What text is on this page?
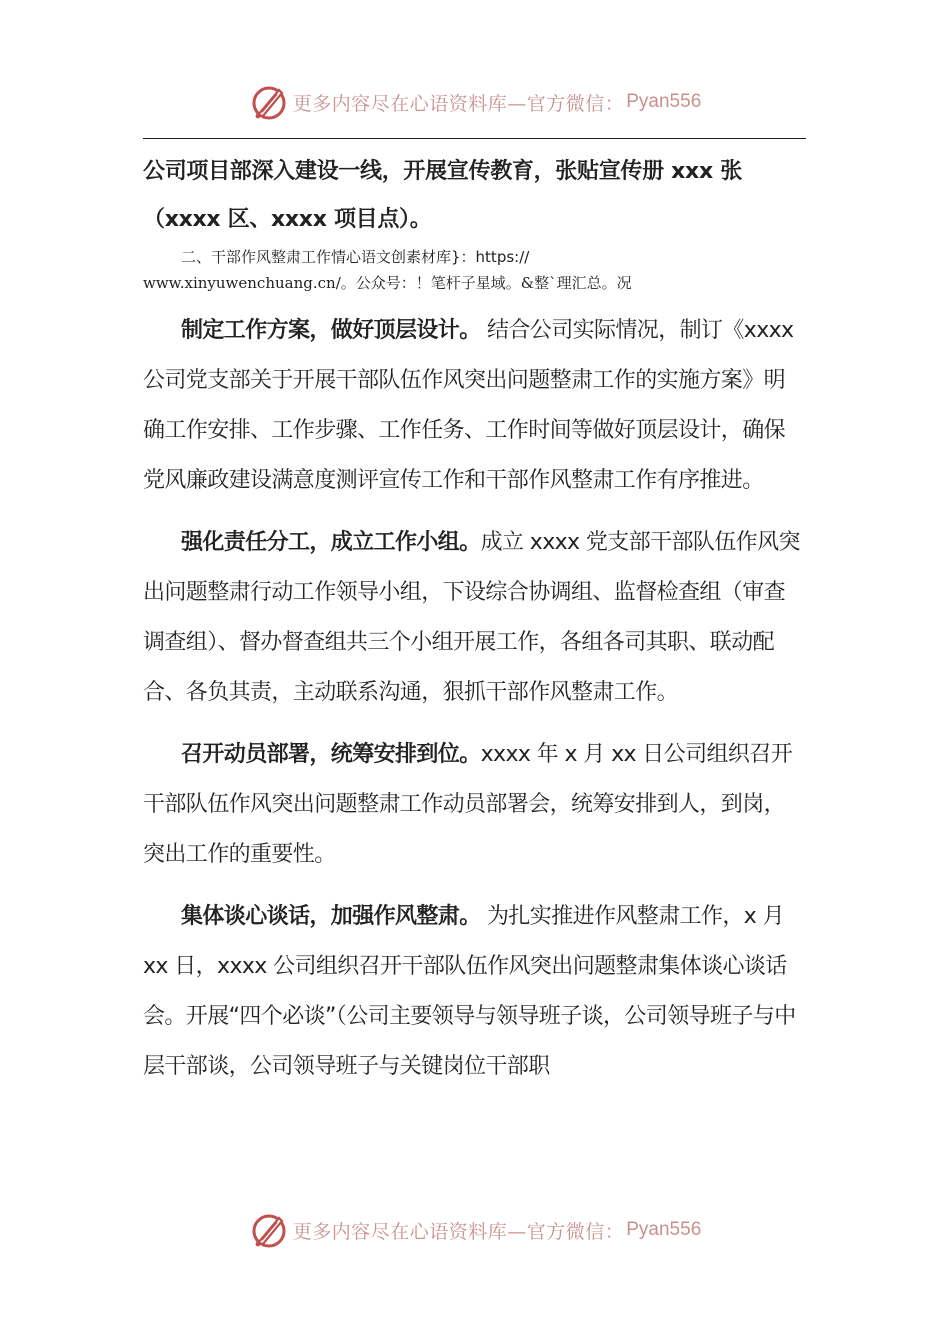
更多内容尽在心语资料库—官方微信： Pyan556

公司项目部深入建设一线，开展宣传教育，张贴宣传册 xxx 张

（xxxx 区、xxxx 项目点）。

二、干部作风整肃工作情心语文创素材库}：https://

www.xinyuwenchuang.cn/。公众号：！笔杆子星域。&整`理汇总。况

制定工作方案，做好顶层设计。 结合公司实际情况，制订《xxxx 公司党支部关于开展干部队伍作风突出问题整肃工作的实施方案》明确工作安排、工作步骤、工作任务、工作时间等做好顶层设计，确保党风廉政建设满意度测评宣传工作和干部作风整肃工作有序推进。

强化责任分工，成立工作小组。成立 xxxx 党支部干部队伍作风突出问题整肃行动工作领导小组，下设综合协调组、监督检查组（审查调查组）、督办督查组共三个小组开展工作，各组各司其职、联动配合、各负其责，主动联系沟通，狠抓干部作风整肃工作。

召开动员部署，统筹安排到位。xxxx 年 x 月 xx 日公司组织召开干部队伍作风突出问题整肃工作动员部署会，统筹安排到人，到岗，突出工作的重要性。

集体谈心谈话，加强作风整肃。 为扎实推进作风整肃工作，x 月 xx 日，xxxx 公司组织召开干部队伍作风突出问题整肃集体谈心谈话会。开展“四个必谈”（公司主要领导与领导班子谈，公司领导班子与中层干部谈，公司领导班子与关键岗位干部职

更多内容尽在心语资料库—官方微信： Pyan556
